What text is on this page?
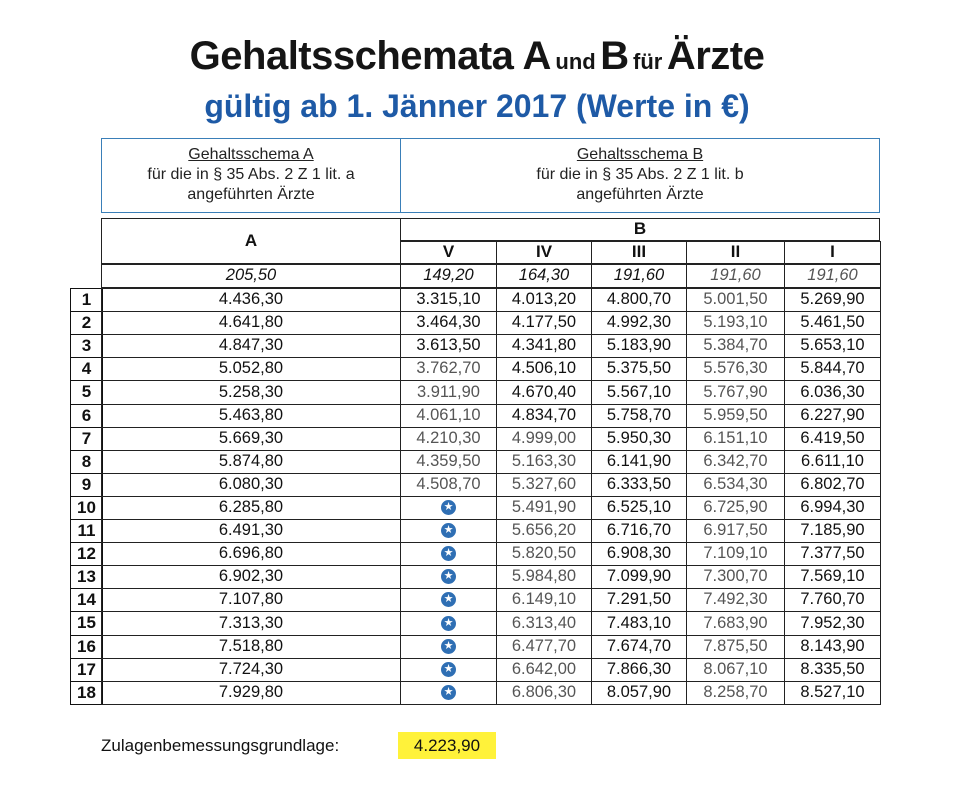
Gehaltsschemata A und B für Ärzte
gültig ab 1. Jänner 2017 (Werte in €)
Gehaltsschema A
für die in § 35 Abs. 2 Z 1 lit. a
angeführten Ärzte
Gehaltsschema B
für die in § 35 Abs. 2 Z 1 lit. b
angeführten Ärzte
A
B
V	IV	III	II	I
205,50	149,20	164,30	191,60	191,60	191,60
1	4.436,30	3.315,10	4.013,20	4.800,70	5.001,50	5.269,90
2	4.641,80	3.464,30	4.177,50	4.992,30	5.193,10	5.461,50
3	4.847,30	3.613,50	4.341,80	5.183,90	5.384,70	5.653,10
4	5.052,80	3.762,70	4.506,10	5.375,50	5.576,30	5.844,70
5	5.258,30	3.911,90	4.670,40	5.567,10	5.767,90	6.036,30
6	5.463,80	4.061,10	4.834,70	5.758,70	5.959,50	6.227,90
7	5.669,30	4.210,30	4.999,00	5.950,30	6.151,10	6.419,50
8	5.874,80	4.359,50	5.163,30	6.141,90	6.342,70	6.611,10
9	6.080,30	4.508,70	5.327,60	6.333,50	6.534,30	6.802,70
10	6.285,80	★	5.491,90	6.525,10	6.725,90	6.994,30
11	6.491,30	★	5.656,20	6.716,70	6.917,50	7.185,90
12	6.696,80	★	5.820,50	6.908,30	7.109,10	7.377,50
13	6.902,30	★	5.984,80	7.099,90	7.300,70	7.569,10
14	7.107,80	★	6.149,10	7.291,50	7.492,30	7.760,70
15	7.313,30	★	6.313,40	7.483,10	7.683,90	7.952,30
16	7.518,80	★	6.477,70	7.674,70	7.875,50	8.143,90
17	7.724,30	★	6.642,00	7.866,30	8.067,10	8.335,50
18	7.929,80	★	6.806,30	8.057,90	8.258,70	8.527,10
Zulagenbemessungsgrundlage:	4.223,90
